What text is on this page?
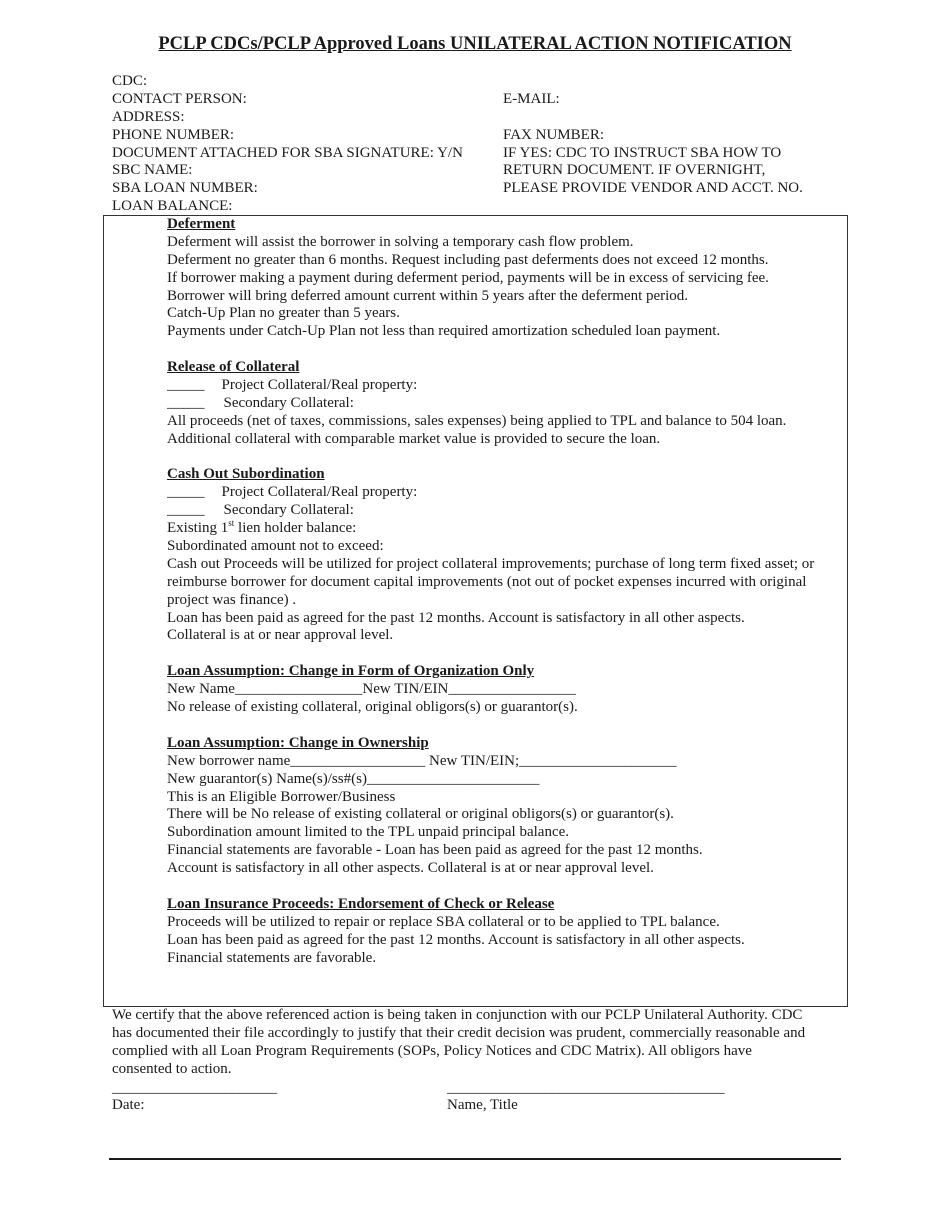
PCLP CDCs/PCLP Approved Loans UNILATERAL ACTION NOTIFICATION
CDC:
CONTACT PERSON:	E-MAIL:
ADDRESS:
PHONE NUMBER:	FAX NUMBER:
DOCUMENT ATTACHED FOR SBA SIGNATURE: Y/N	IF YES: CDC TO INSTRUCT SBA HOW TO
SBC NAME:	RETURN DOCUMENT. IF OVERNIGHT,
SBA LOAN NUMBER:	PLEASE PROVIDE VENDOR AND ACCT. NO.
LOAN BALANCE:
Deferment
Deferment will assist the borrower in solving a temporary cash flow problem.
Deferment no greater than 6 months. Request including past deferments does not exceed 12 months.
If borrower making a payment during deferment period, payments will be in excess of servicing fee.
Borrower will bring deferred amount current within 5 years after the deferment period.
Catch-Up Plan no greater than 5 years.
Payments under Catch-Up Plan not less than required amortization scheduled loan payment.
Release of Collateral
_____ Project Collateral/Real property:
_____ Secondary Collateral:
All proceeds (net of taxes, commissions, sales expenses) being applied to TPL and balance to 504 loan.
Additional collateral with comparable market value is provided to secure the loan.
Cash Out Subordination
_____ Project Collateral/Real property:
_____ Secondary Collateral:
Existing 1st lien holder balance:
Subordinated amount not to exceed:
Cash out Proceeds will be utilized for project collateral improvements; purchase of long term fixed asset; or
reimburse borrower for document capital improvements (not out of pocket expenses incurred with original
project was finance) .
Loan has been paid as agreed for the past 12 months. Account is satisfactory in all other aspects.
Collateral is at or near approval level.
Loan Assumption: Change in Form of Organization Only
New Name_________________New TIN/EIN_________________
No release of existing collateral, original obligors(s) or guarantor(s).
Loan Assumption: Change in Ownership
New borrower name__________________ New TIN/EIN;_____________________
New guarantor(s) Name(s)/ss#(s)_______________________
This is an Eligible Borrower/Business
There will be No release of existing collateral or original obligors(s) or guarantor(s).
Subordination amount limited to the TPL unpaid principal balance.
Financial statements are favorable - Loan has been paid as agreed for the past 12 months.
Account is satisfactory in all other aspects. Collateral is at or near approval level.
Loan Insurance Proceeds: Endorsement of Check or Release
Proceeds will be utilized to repair or replace SBA collateral or to be applied to TPL balance.
Loan has been paid as agreed for the past 12 months. Account is satisfactory in all other aspects.
Financial statements are favorable.
We certify that the above referenced action is being taken in conjunction with our PCLP Unilateral Authority. CDC
has documented their file accordingly to justify that their credit decision was prudent, commercially reasonable and
complied with all Loan Program Requirements (SOPs, Policy Notices and CDC Matrix). All obligors have
consented to action.
______________________
Date:
_____________________________________
Name, Title
